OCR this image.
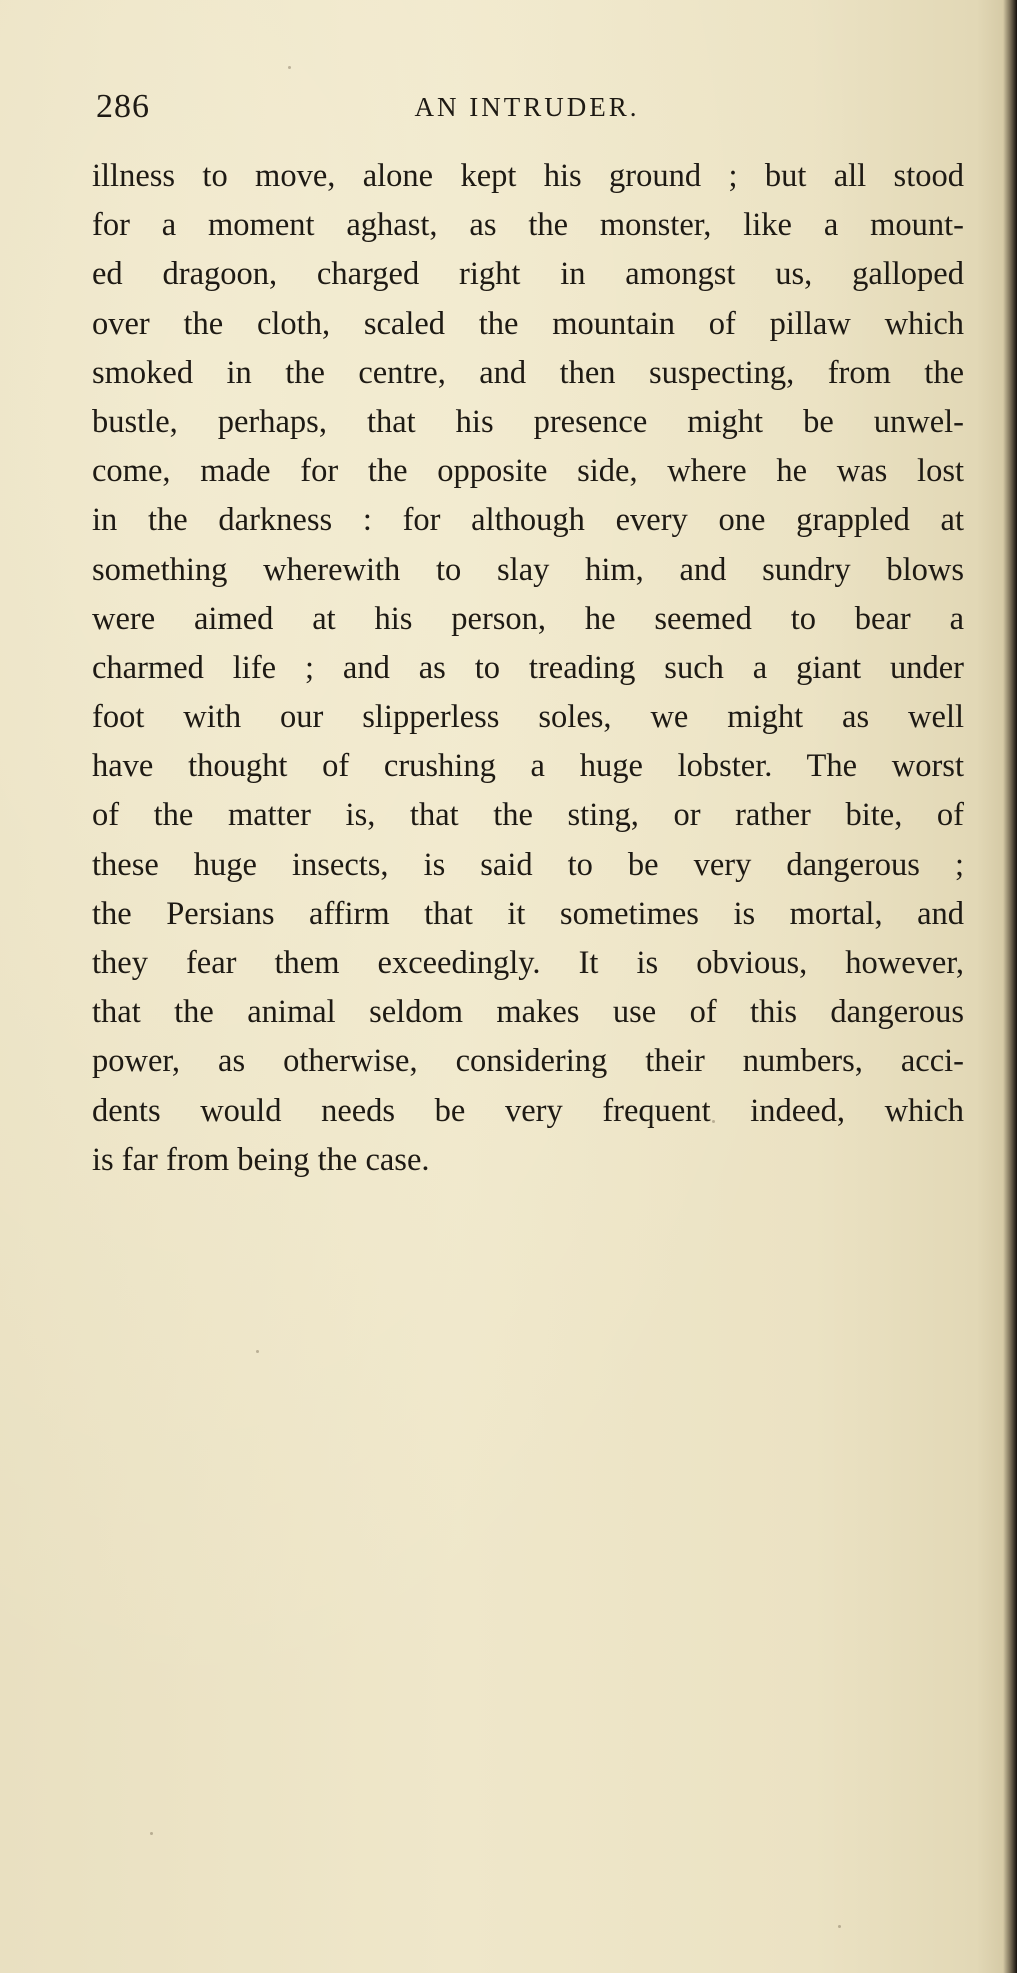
286	AN INTRUDER.
illness to move, alone kept his ground ; but all stood
for a moment aghast, as the monster, like a mount-
ed dragoon, charged right in amongst us, galloped
over the cloth, scaled the mountain of pillaw which
smoked in the centre, and then suspecting, from the
bustle, perhaps, that his presence might be unwel-
come, made for the opposite side, where he was lost
in the darkness : for although every one grappled at
something wherewith to slay him, and sundry blows
were aimed at his person, he seemed to bear a
charmed life ; and as to treading such a giant under
foot with our slipperless soles, we might as well
have thought of crushing a huge lobster. The worst
of the matter is, that the sting, or rather bite, of
these huge insects, is said to be very dangerous ;
the Persians affirm that it sometimes is mortal, and
they fear them exceedingly. It is obvious, however,
that the animal seldom makes use of this dangerous
power, as otherwise, considering their numbers, acci-
dents would needs be very frequent indeed, which
is far from being the case.
